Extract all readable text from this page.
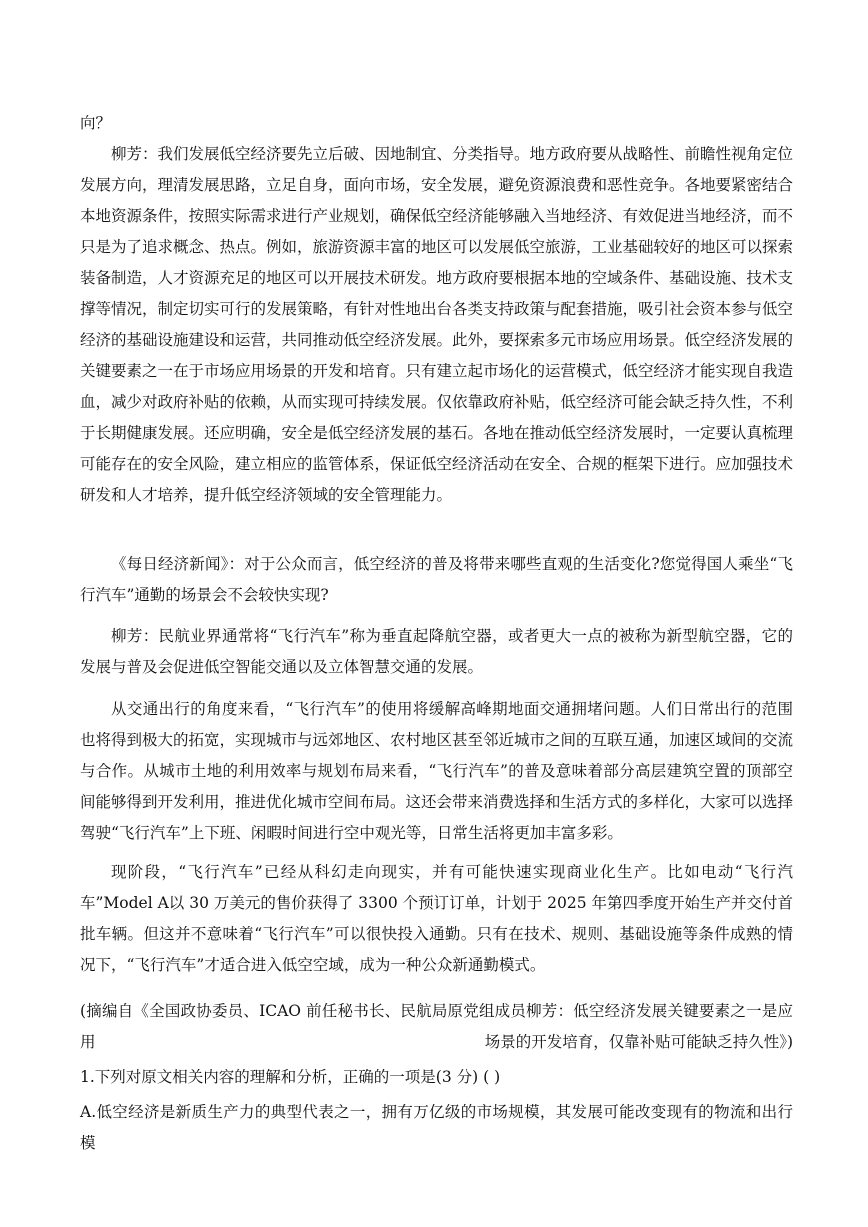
向？

柳芳：我们发展低空经济要先立后破、因地制宜、分类指导。地方政府要从战略性、前瞻性视角定位发展方向，理清发展思路，立足自身，面向市场，安全发展，避免资源浪费和恶性竞争。各地要紧密结合本地资源条件，按照实际需求进行产业规划，确保低空经济能够融入当地经济、有效促进当地经济，而不只是为了追求概念、热点。例如，旅游资源丰富的地区可以发展低空旅游，工业基础较好的地区可以探索装备制造，人才资源充足的地区可以开展技术研发。地方政府要根据本地的空域条件、基础设施、技术支撑等情况，制定切实可行的发展策略，有针对性地出台各类支持政策与配套措施，吸引社会资本参与低空经济的基础设施建设和运营，共同推动低空经济发展。此外，要探索多元市场应用场景。低空经济发展的关键要素之一在于市场应用场景的开发和培育。只有建立起市场化的运营模式，低空经济才能实现自我造血，减少对政府补贴的依赖，从而实现可持续发展。仅依靠政府补贴，低空经济可能会缺乏持久性，不利于长期健康发展。还应明确，安全是低空经济发展的基石。各地在推动低空经济发展时，一定要认真梳理可能存在的安全风险，建立相应的监管体系，保证低空经济活动在安全、合规的框架下进行。应加强技术研发和人才培养，提升低空经济领域的安全管理能力。

《每日经济新闻》：对于公众而言，低空经济的普及将带来哪些直观的生活变化?您觉得国人乘坐“飞行汽车”通勤的场景会不会较快实现?

柳芳：民航业界通常将“飞行汽车”称为垂直起降航空器，或者更大一点的被称为新型航空器，它的发展与普及会促进低空智能交通以及立体智慧交通的发展。

从交通出行的角度来看，“飞行汽车”的使用将缓解高峰期地面交通拥堵问题。人们日常出行的范围也将得到极大的拓宽，实现城市与远郊地区、农村地区甚至邻近城市之间的互联互通，加速区域间的交流与合作。从城市土地的利用效率与规划布局来看，“飞行汽车”的普及意味着部分高层建筑空置的顶部空间能够得到开发利用，推进优化城市空间布局。这还会带来消费选择和生活方式的多样化，大家可以选择驾驶“飞行汽车”上下班、闲暇时间进行空中观光等，日常生活将更加丰富多彩。

现阶段，“飞行汽车”已经从科幻走向现实，并有可能快速实现商业化生产。比如电动“飞行汽车”Model A以 30 万美元的售价获得了 3300 个预订订单，计划于 2025 年第四季度开始生产并交付首批车辆。但这并不意味着“飞行汽车”可以很快投入通勤。只有在技术、规则、基础设施等条件成熟的情况下，“飞行汽车”才适合进入低空空域，成为一种公众新通勤模式。

(摘编自《全国政协委员、ICAO 前任秘书长、民航局原党组成员柳芳：低空经济发展关键要素之一是应用	场景的开发培育，仅靠补贴可能缺乏持久性》)

1.下列对原文相关内容的理解和分析，正确的一项是(3 分) ( )

A.低空经济是新质生产力的典型代表之一，拥有万亿级的市场规模，其发展可能改变现有的物流和出行模
